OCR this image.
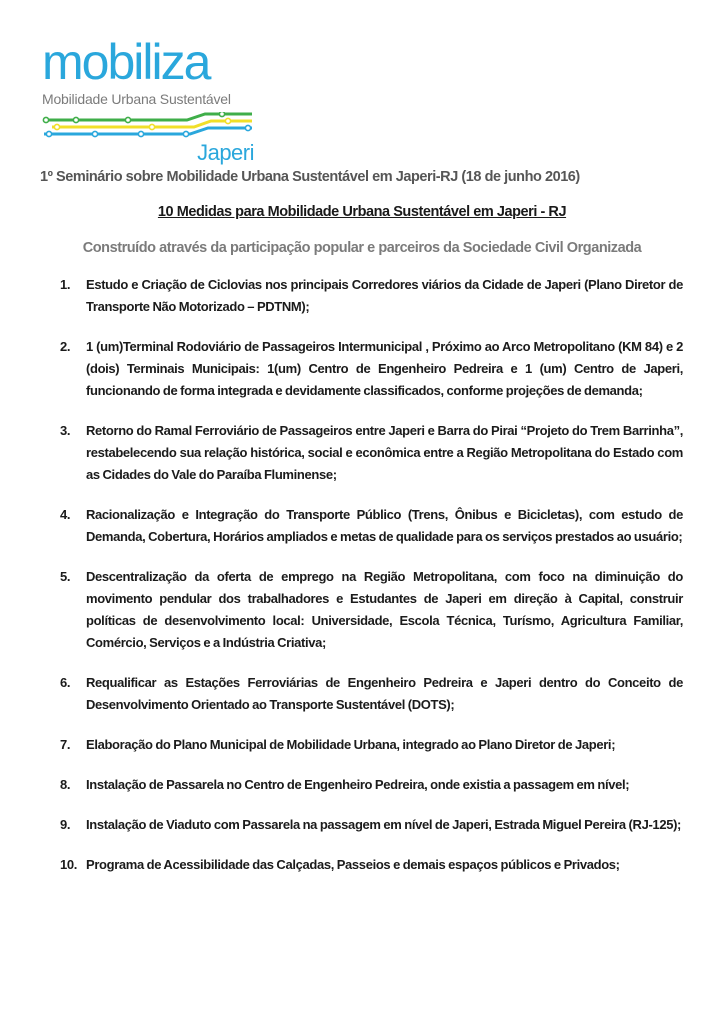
mobiliza
Mobilidade Urbana Sustentável
Japeri
1º Seminário sobre Mobilidade Urbana Sustentável em Japeri-RJ (18 de junho 2016)
10 Medidas para Mobilidade Urbana Sustentável em Japeri - RJ
Construído através da participação popular e parceiros da Sociedade Civil Organizada
1.	Estudo e Criação de Ciclovias nos principais Corredores viários da Cidade de Japeri (Plano Diretor de Transporte Não Motorizado – PDTNM);
2.	1 (um)Terminal Rodoviário de Passageiros Intermunicipal , Próximo ao Arco Metropolitano (KM 84) e 2 (dois) Terminais Municipais: 1(um) Centro de Engenheiro Pedreira e 1 (um) Centro de Japeri, funcionando de forma integrada e devidamente classificados, conforme projeções de demanda;
3.	Retorno do Ramal Ferroviário de Passageiros entre Japeri e Barra do Pirai “Projeto do Trem Barrinha”, restabelecendo sua relação histórica, social e econômica entre a Região Metropolitana do Estado com as Cidades do Vale do Paraíba Fluminense;
4.	Racionalização e Integração do Transporte Público (Trens, Ônibus e Bicicletas), com estudo de Demanda, Cobertura, Horários ampliados e metas de qualidade para os serviços prestados ao usuário;
5.	Descentralização da oferta de emprego na Região Metropolitana, com foco na diminuição do movimento pendular dos trabalhadores e Estudantes de Japeri em direção à Capital, construir políticas de desenvolvimento local: Universidade, Escola Técnica, Turísmo, Agricultura Familiar, Comércio, Serviços e a Indústria Criativa;
6.	Requalificar as Estações Ferroviárias de Engenheiro Pedreira e Japeri dentro do Conceito de Desenvolvimento Orientado ao Transporte Sustentável (DOTS);
7.	Elaboração do Plano Municipal de Mobilidade Urbana, integrado ao Plano Diretor de Japeri;
8.	Instalação de Passarela no Centro de Engenheiro Pedreira, onde existia a passagem em nível;
9.	Instalação de Viaduto com Passarela na passagem em nível de Japeri, Estrada Miguel Pereira (RJ-125);
10. Programa de Acessibilidade das Calçadas, Passeios e demais espaços públicos e Privados;
